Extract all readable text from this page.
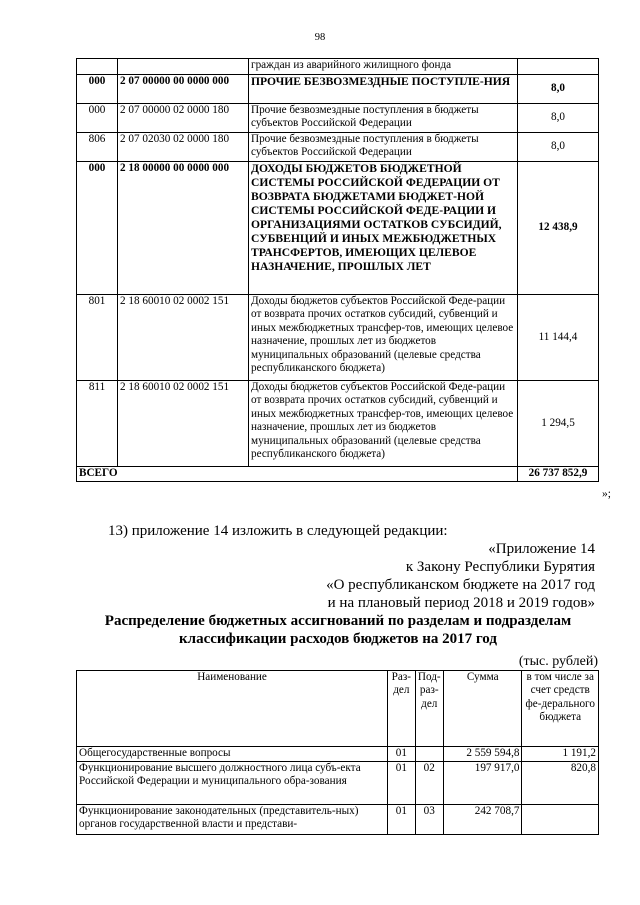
98
		граждан из аварийного жилищного фонда	
000	2 07 00000 00 0000 000	ПРОЧИЕ БЕЗВОЗМЕЗДНЫЕ ПОСТУПЛЕ-НИЯ	8,0
000	2 07 00000 02 0000 180	Прочие безвозмездные поступления в бюджеты субъектов Российской Федерации	8,0
806	2 07 02030 02 0000 180	Прочие безвозмездные поступления в бюджеты субъектов Российской Федерации	8,0
000	2 18 00000 00 0000 000	ДОХОДЫ БЮДЖЕТОВ БЮДЖЕТНОЙ СИСТЕМЫ РОССИЙСКОЙ ФЕДЕРАЦИИ ОТ ВОЗВРАТА БЮДЖЕТАМИ БЮДЖЕТ-НОЙ СИСТЕМЫ РОССИЙСКОЙ ФЕДЕ-РАЦИИ И ОРГАНИЗАЦИЯМИ ОСТАТКОВ СУБСИДИЙ, СУБВЕНЦИЙ И ИНЫХ МЕЖБЮДЖЕТНЫХ ТРАНСФЕРТОВ, ИМЕЮЩИХ ЦЕЛЕВОЕ НАЗНАЧЕНИЕ, ПРОШЛЫХ ЛЕТ	12 438,9
801	2 18 60010 02 0002 151	Доходы бюджетов субъектов Российской Феде-рации от возврата прочих остатков субсидий, субвенций и иных межбюджетных трансфер-тов, имеющих целевое назначение, прошлых лет из бюджетов муниципальных образований (целевые средства республиканского бюджета)	11 144,4
811	2 18 60010 02 0002 151	Доходы бюджетов субъектов Российской Феде-рации от возврата прочих остатков субсидий, субвенций и иных межбюджетных трансфер-тов, имеющих целевое назначение, прошлых лет из бюджетов муниципальных образований (целевые средства республиканского бюджета)	1 294,5
ВСЕГО			26 737 852,9
»;
13) приложение 14 изложить в следующей редакции:
«Приложение 14
к Закону Республики Бурятия
«О республиканском бюджете на 2017 год
и на плановый период 2018 и 2019 годов»
Распределение бюджетных ассигнований по разделам и подразделам
классификации расходов бюджетов на 2017 год
(тыс. рублей)
Наименование	Раз-дел	Под-раз-дел	Сумма	в том числе за счет средств фе-дерального бюджета
Общегосударственные вопросы	01		2 559 594,8	1 191,2
Функционирование высшего должностного лица субъ-екта Российской Федерации и муниципального обра-зования	01	02	197 917,0	820,8
Функционирование законодательных (представитель-ных) органов государственной власти и представи-	01	03	242 708,7	
